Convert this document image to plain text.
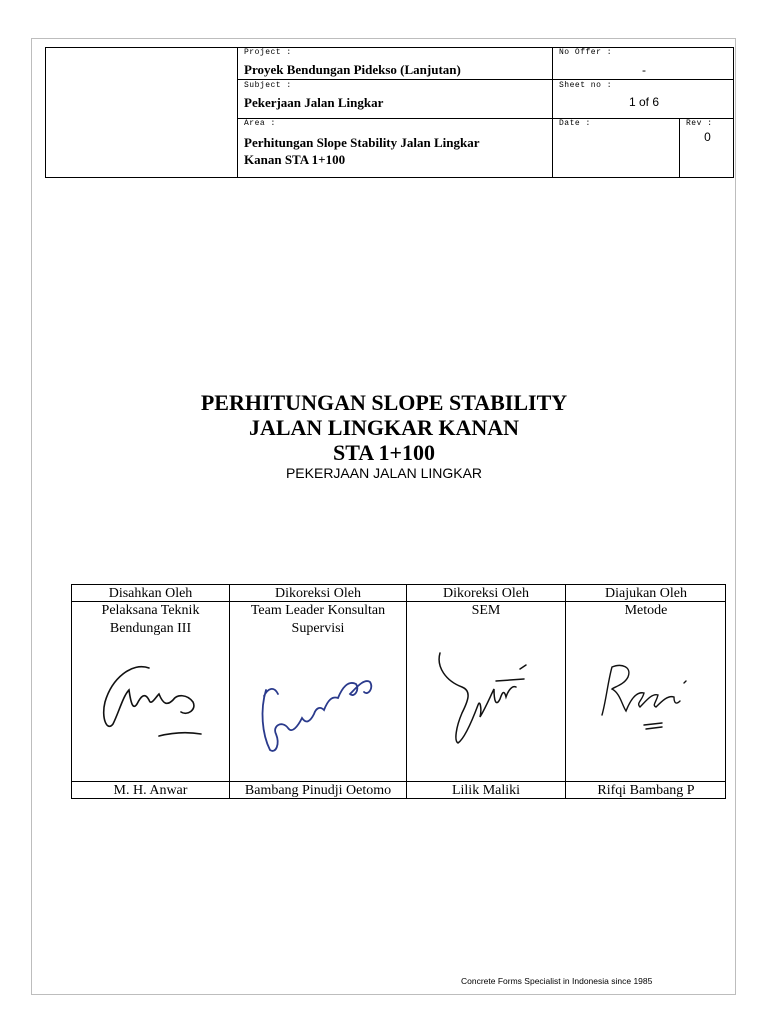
Project :
Proyek Bendungan Pidekso (Lanjutan)
Subject :
Pekerjaan Jalan Lingkar
Area :
Perhitungan Slope Stability Jalan Lingkar
Kanan STA 1+100
No Offer :
-
Sheet no :
1 of 6
Date :	Rev :
0
PERHITUNGAN SLOPE STABILITY
JALAN LINGKAR KANAN
STA 1+100
PEKERJAAN JALAN LINGKAR
Disahkan Oleh
Pelaksana Teknik
Bendungan III
M. H. Anwar
Dikoreksi Oleh
Team Leader Konsultan
Supervisi
Bambang Pinudji Oetomo
Dikoreksi Oleh
SEM
Lilik Maliki
Diajukan Oleh
Metode
Rifqi Bambang P
Concrete Forms Specialist in Indonesia since 1985
